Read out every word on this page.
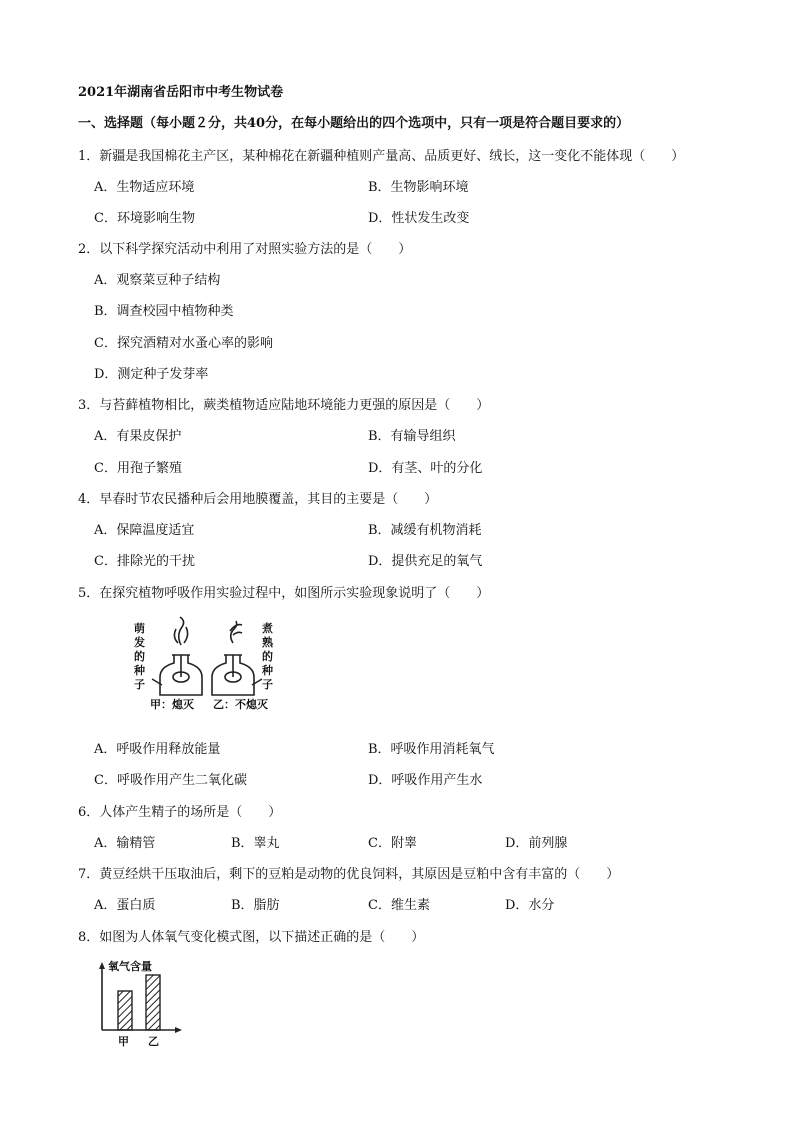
2021年湖南省岳阳市中考生物试卷
一、选择题（每小题２分，共40分，在每小题给出的四个选项中，只有一项是符合题目要求的）
1．新疆是我国棉花主产区，某种棉花在新疆种植则产量高、品质更好、绒长，这一变化不能体现（　　）
A．生物适应环境	B．生物影响环境
C．环境影响生物	D．性状发生改变
2．以下科学探究活动中利用了对照实验方法的是（　　）
A．观察菜豆种子结构
B．调查校园中植物种类
C．探究酒精对水蚤心率的影响
D．测定种子发芽率
3．与苔藓植物相比，蕨类植物适应陆地环境能力更强的原因是（　　）
A．有果皮保护	B．有输导组织
C．用孢子繁殖	D．有茎、叶的分化
4．早春时节农民播种后会用地膜覆盖，其目的主要是（　　）
A．保障温度适宜	B．减缓有机物消耗
C．排除光的干扰	D．提供充足的氧气
5．在探究植物呼吸作用实验过程中，如图所示实验现象说明了（　　）
萌发的种子
煮熟的种子
甲：熄灭 乙：不熄灭
A．呼吸作用释放能量	B．呼吸作用消耗氧气
C．呼吸作用产生二氧化碳	D．呼吸作用产生水
6．人体产生精子的场所是（　　）
A．输精管	B．睾丸	C．附睾	D．前列腺
7．黄豆经烘干压取油后，剩下的豆粕是动物的优良饲料，其原因是豆粕中含有丰富的（　　）
A．蛋白质	B．脂肪	C．维生素	D．水分
8．如图为人体氧气变化模式图，以下描述正确的是（　　）
氧气含量
甲 乙
